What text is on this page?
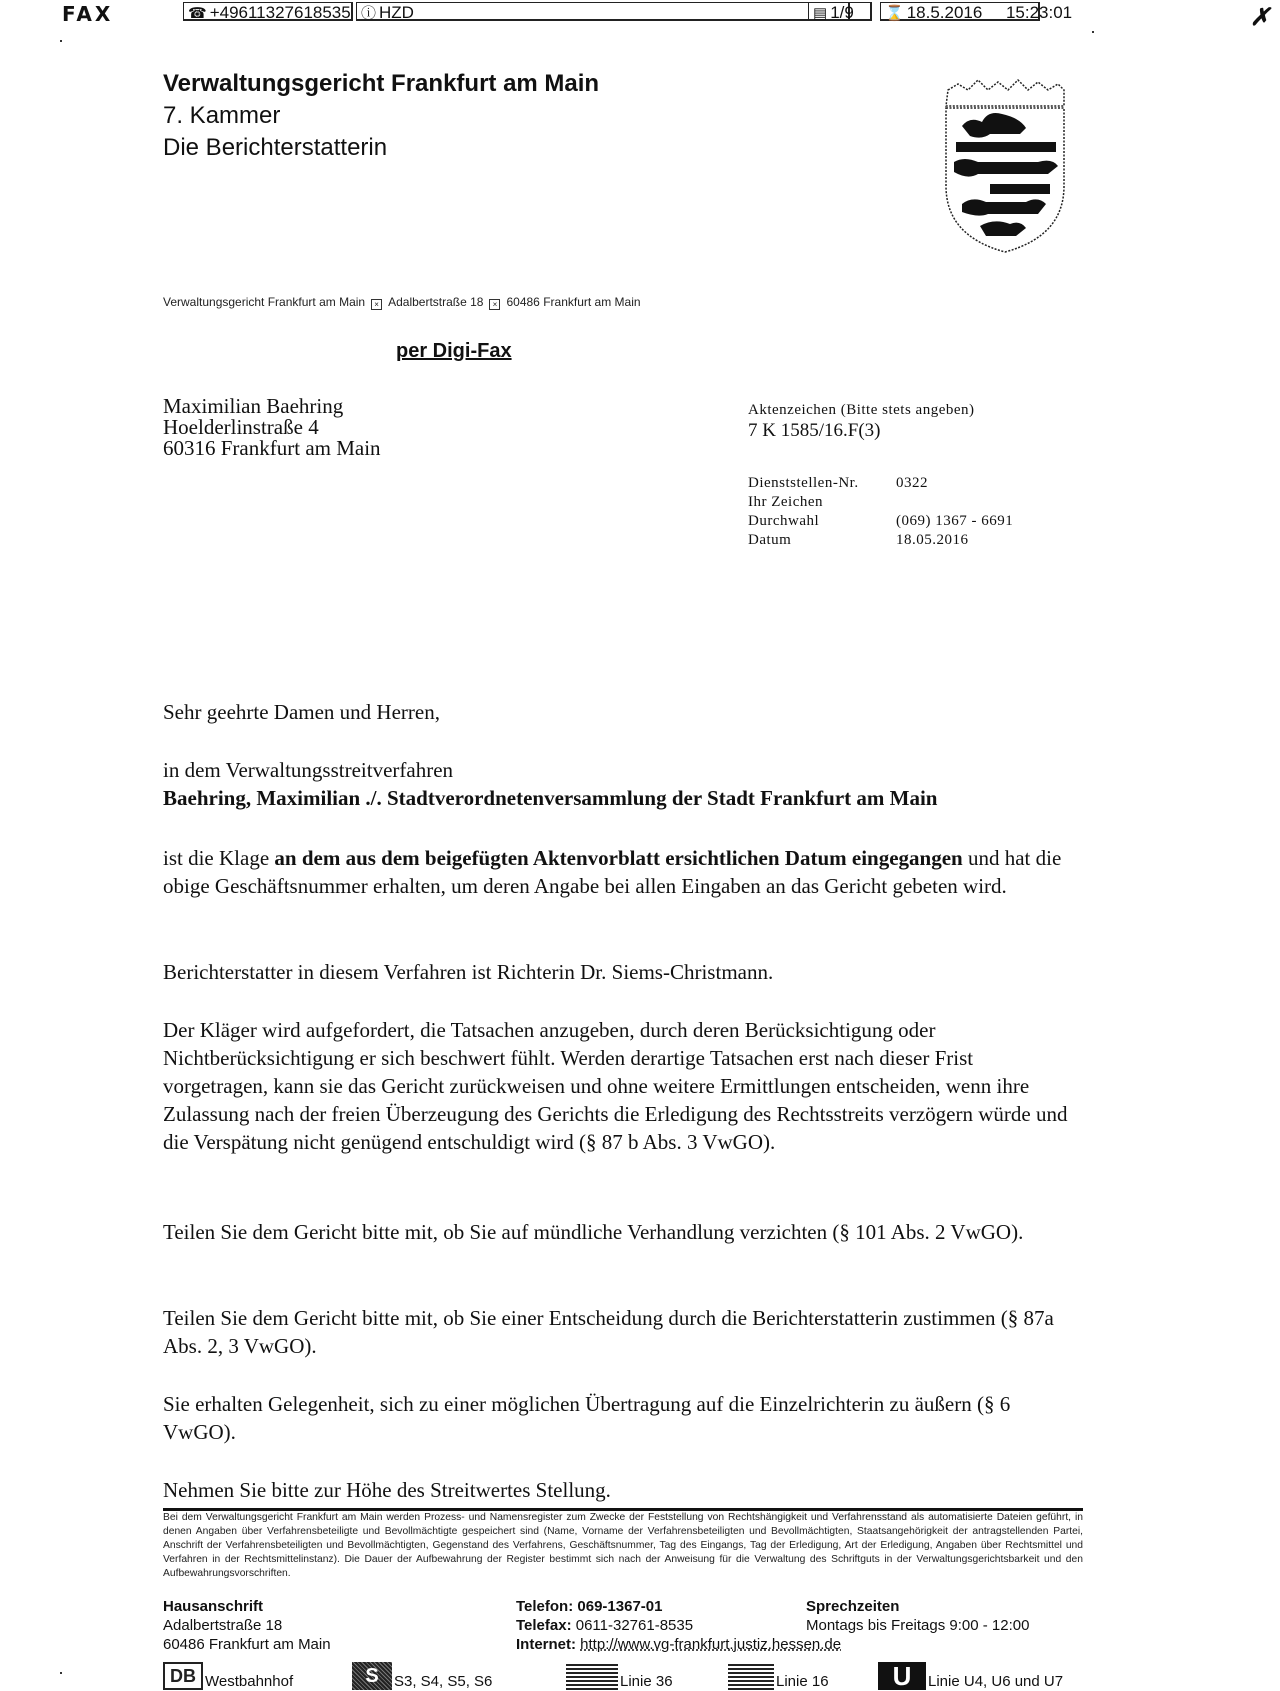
FAX	☎ +49611327618535 ⓘ HZD	▤ 1/9	⌛ 18.5.2016 15:23:01	✗
Verwaltungsgericht Frankfurt am Main
7. Kammer
Die Berichterstatterin
Verwaltungsgericht Frankfurt am Main × Adalbertstraße 18 × 60486 Frankfurt am Main
per Digi-Fax
Maximilian Baehring
Hoelderlinstraße 4
60316 Frankfurt am Main
Aktenzeichen (Bitte stets angeben)
7 K 1585/16.F(3)
Dienststellen-Nr.	0322
Ihr Zeichen	
Durchwahl	(069) 1367 - 6691
Datum	18.05.2016

Sehr geehrte Damen und Herren,

in dem Verwaltungsstreitverfahren

Baehring, Maximilian ./. Stadtverordnetenversammlung der Stadt Frankfurt am Main

ist die Klage an dem aus dem beigefügten Aktenvorblatt ersichtlichen Datum eingegangen und hat die obige Geschäftsnummer erhalten, um deren Angabe bei allen Eingaben an das Gericht gebeten wird.

Berichterstatter in diesem Verfahren ist Richterin Dr. Siems-Christmann.

Der Kläger wird aufgefordert, die Tatsachen anzugeben, durch deren Berücksichtigung oder Nichtberücksichtigung er sich beschwert fühlt. Werden derartige Tatsachen erst nach dieser Frist vorgetragen, kann sie das Gericht zurückweisen und ohne weitere Ermittlungen entscheiden, wenn ihre Zulassung nach der freien Überzeugung des Gerichts die Erledigung des Rechtsstreits verzögern würde und die Verspätung nicht genügend entschuldigt wird (§ 87 b Abs. 3 VwGO).

Teilen Sie dem Gericht bitte mit, ob Sie auf mündliche Verhandlung verzichten (§ 101 Abs. 2 VwGO).

Teilen Sie dem Gericht bitte mit, ob Sie einer Entscheidung durch die Berichterstatterin zustimmen (§ 87a Abs. 2, 3 VwGO).

Sie erhalten Gelegenheit, sich zu einer möglichen Übertragung auf die Einzelrichterin zu äußern (§ 6 VwGO).

Nehmen Sie bitte zur Höhe des Streitwertes Stellung.

Bei dem Verwaltungsgericht Frankfurt am Main werden Prozess- und Namensregister zum Zwecke der Feststellung von Rechtshängigkeit und Verfahrensstand als automatisierte Dateien geführt, in denen Angaben über Verfahrensbeteiligte und Bevollmächtigte gespeichert sind (Name, Vorname der Verfahrensbeteiligten und Bevollmächtigten, Staatsangehörigkeit der antragstellenden Partei, Anschrift der Verfahrensbeteiligten und Bevollmächtigten, Gegenstand des Verfahrens, Geschäftsnummer, Tag des Eingangs, Tag der Erledigung, Art der Erledigung, Angaben über Rechtsmittel und Verfahren in der Rechtsmittelinstanz). Die Dauer der Aufbewahrung der Register bestimmt sich nach der Anweisung für die Verwaltung des Schriftguts in der Verwaltungsgerichtsbarkeit und den Aufbewahrungsvorschriften.
Hausanschrift
Adalbertstraße 18
60486 Frankfurt am Main
Telefon: 069-1367-01
Telefax: 0611-32761-8535
Internet: http://www.vg-frankfurt.justiz.hessen.de
Sprechzeiten
Montags bis Freitags 9:00 - 12:00
DB Westbahnhof	S	S3, S4, S5, S6	Linie 36	Linie 16	U	Linie U4, U6 und U7
